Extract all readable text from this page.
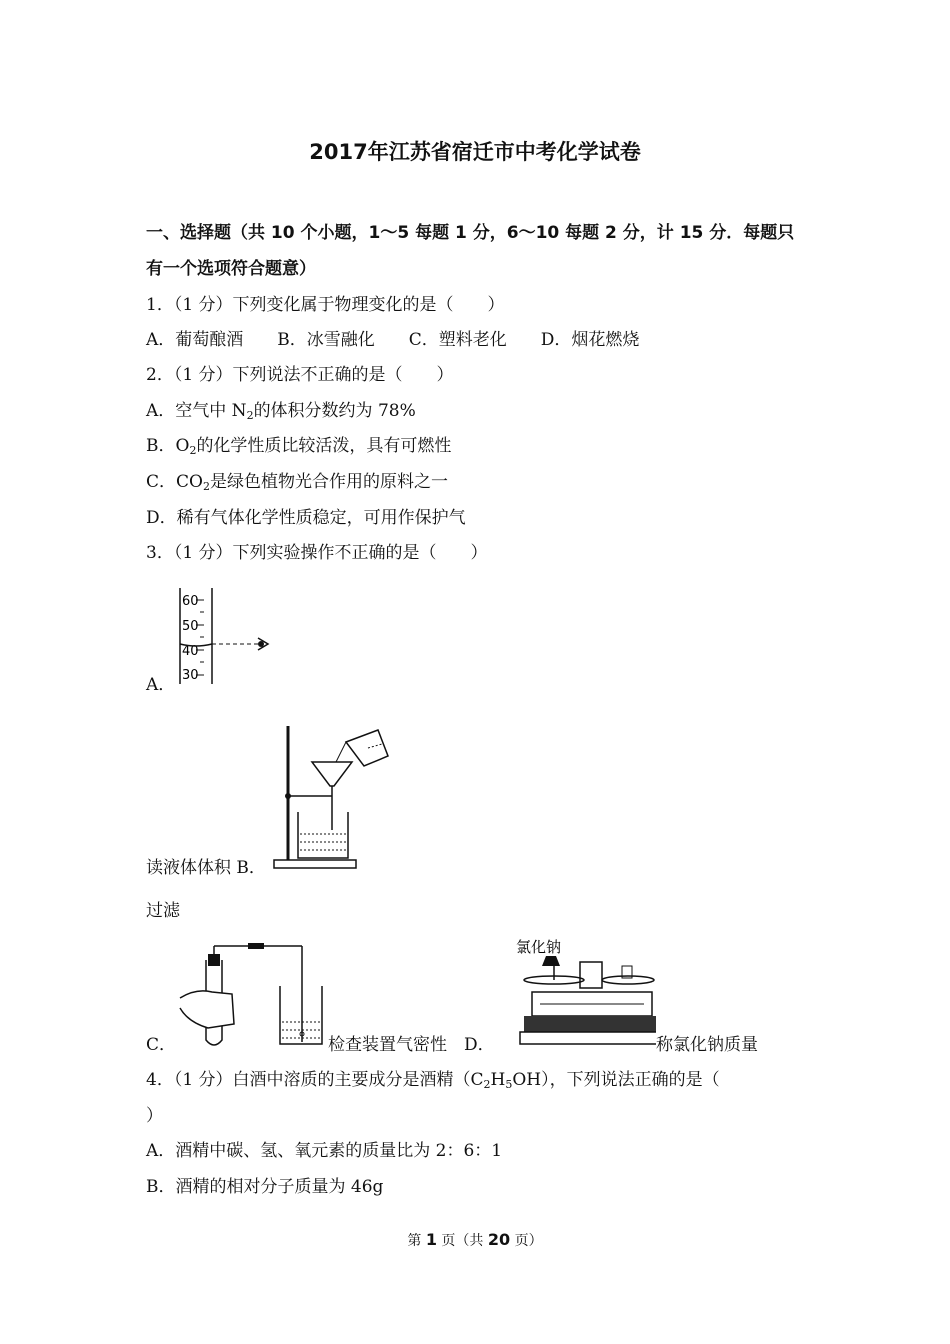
2017年江苏省宿迁市中考化学试卷
一、选择题（共 10 个小题，1～5 每题 1 分，6～10 每题 2 分，计 15 分．每题只
有一个选项符合题意）
1．（1 分）下列变化属于物理变化的是（　　）
A．葡萄酿酒　　B．冰雪融化　　C．塑料老化　　D．烟花燃烧
2．（1 分）下列说法不正确的是（　　）
A．空气中 $N_2$的体积分数约为 78%
B．$O_2$的化学性质比较活泼，具有可燃性
C．$CO_2$是绿色植物光合作用的原料之一
D．稀有气体化学性质稳定，可用作保护气
3．（1 分）下列实验操作不正确的是（　　）
A．
60
50
40
30
读液体体积 B．
过滤
C．	检查装置气密性　D．
氯化钠
称氯化钠质量
4．（1 分）白酒中溶质的主要成分是酒精$(C_2H_5OH)$，下列说法正确的是（
）
A．酒精中碳、氢、氧元素的质量比为 2：6：1
B．酒精的相对分子质量为 46g
第 1 页（共 20 页）
